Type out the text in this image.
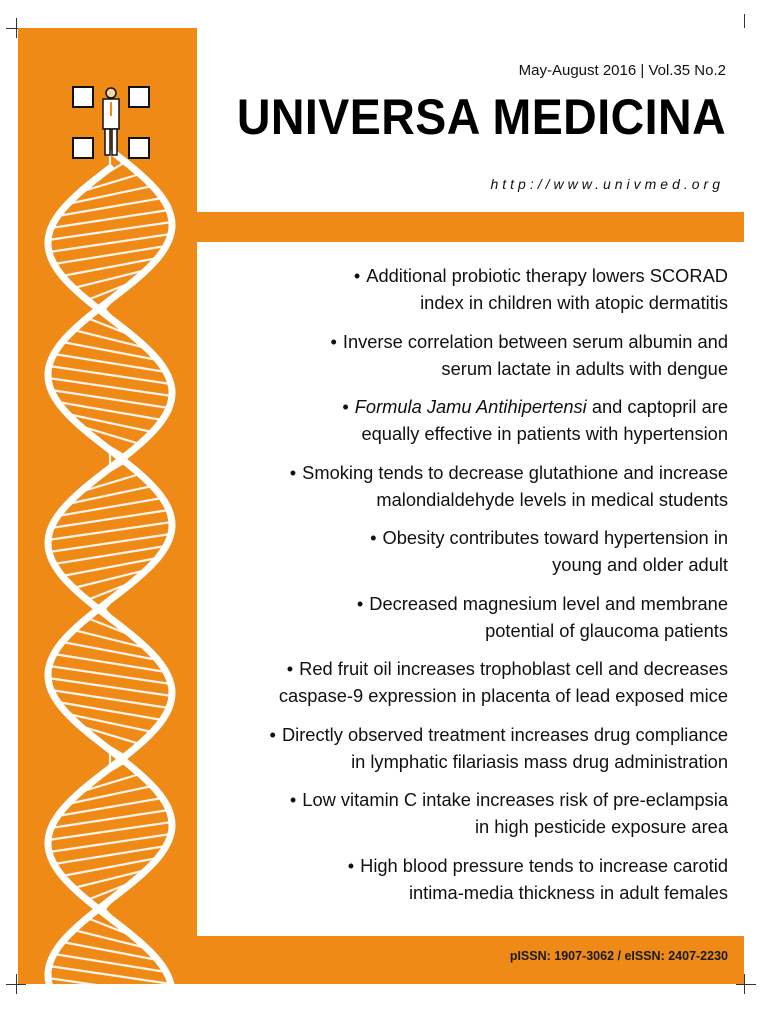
May-August 2016 | Vol.35 No.2
UNIVERSA MEDICINA
http://www.univmed.org
• Additional probiotic therapy lowers SCORAD
index in children with atopic dermatitis
• Inverse correlation between serum albumin and
serum lactate in adults with dengue
• Formula Jamu Antihipertensi and captopril are
equally effective in patients with hypertension
• Smoking tends to decrease glutathione and increase
malondialdehyde levels in medical students
• Obesity contributes toward hypertension in
young and older adult
• Decreased magnesium level and membrane
potential of glaucoma patients
• Red fruit oil increases trophoblast cell and decreases
caspase-9 expression in placenta of lead exposed mice
• Directly observed treatment increases drug compliance
in lymphatic filariasis mass drug administration
• Low vitamin C intake increases risk of pre-eclampsia
in high pesticide exposure area
• High blood pressure tends to increase carotid
intima-media thickness in adult females
pISSN: 1907-3062 / eISSN: 2407-2230
